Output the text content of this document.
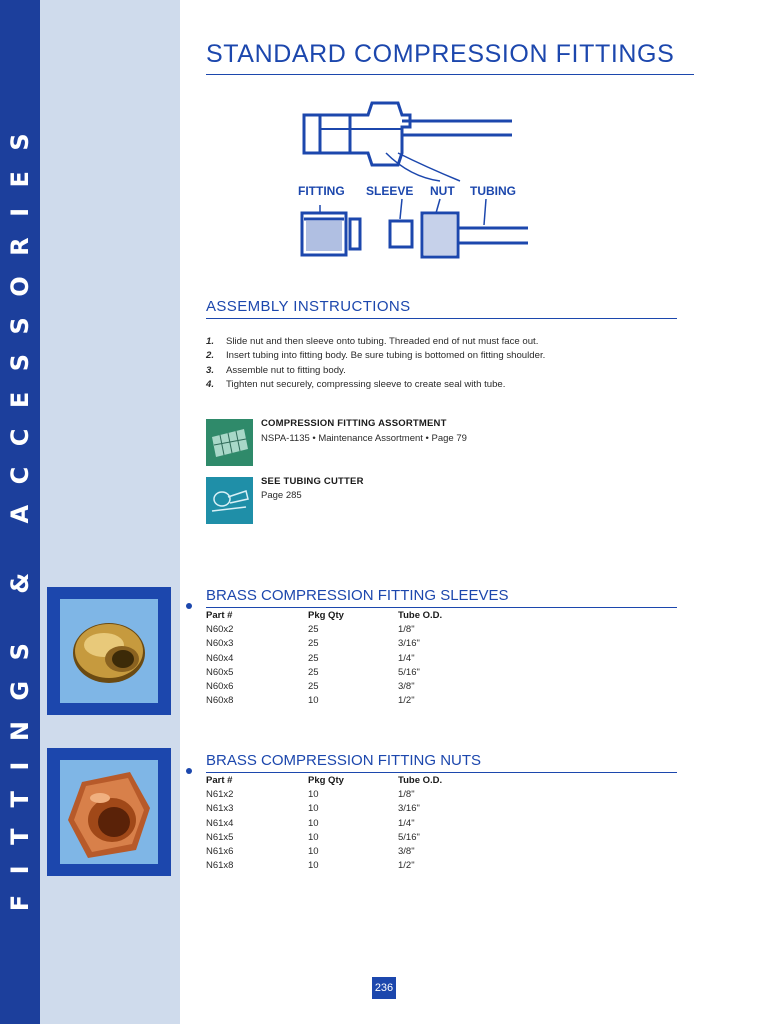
FITTINGS & ACCESSORIES
STANDARD COMPRESSION FITTINGS
FITTING SLEEVE NUT TUBING
ASSEMBLY INSTRUCTIONS
1.	Slide nut and then sleeve onto tubing. Threaded end of nut must face out.
2.	Insert tubing into fitting body. Be sure tubing is bottomed on fitting shoulder.
3.	Assemble nut to fitting body.
4.	Tighten nut securely, compressing sleeve to create seal with tube.
COMPRESSION FITTING ASSORTMENT
NSPA-1135 • Maintenance Assortment • Page 79
SEE TUBING CUTTER
Page 285
BRASS COMPRESSION FITTING SLEEVES
Part #	Pkg Qty	Tube O.D.
N60x2	25	1/8"
N60x3	25	3/16"
N60x4	25	1/4"
N60x5	25	5/16"
N60x6	25	3/8"
N60x8	10	1/2"
BRASS COMPRESSION FITTING NUTS
Part #	Pkg Qty	Tube O.D.
N61x2	10	1/8"
N61x3	10	3/16"
N61x4	10	1/4"
N61x5	10	5/16"
N61x6	10	3/8"
N61x8	10	1/2"
236
